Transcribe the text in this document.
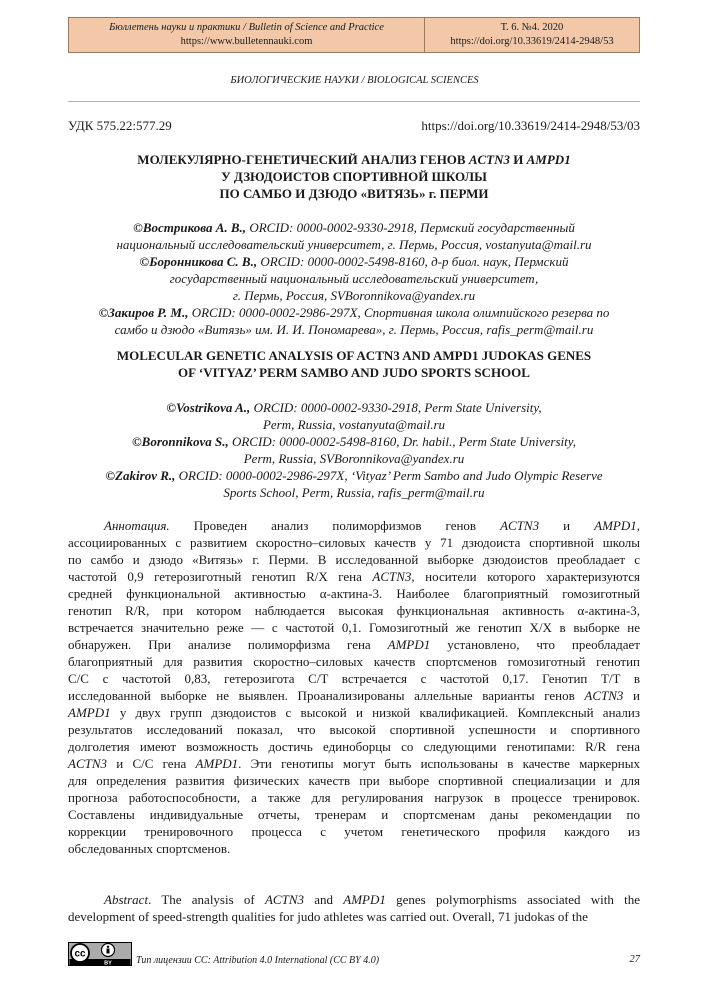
Бюллетень науки и практики / Bulletin of Science and Practice
https://www.bulletennauki.com
Т. 6. №4. 2020
https://doi.org/10.33619/2414-2948/53
БИОЛОГИЧЕСКИЕ НАУКИ / BIOLOGICAL SCIENCES
УДК 575.22:577.29	https://doi.org/10.33619/2414-2948/53/03
МОЛЕКУЛЯРНО-ГЕНЕТИЧЕСКИЙ АНАЛИЗ ГЕНОВ ACTN3 И AMPD1
У ДЗЮДОИСТОВ СПОРТИВНОЙ ШКОЛЫ
ПО САМБО И ДЗЮДО «ВИТЯЗЬ» г. ПЕРМИ
©Вострикова А. В., ORCID: 0000-0002-9330-2918, Пермский государственный
национальный исследовательский университет, г. Пермь, Россия, vostanyuta@mail.ru
©Боронникова С. В., ORCID: 0000-0002-5498-8160, д-р биол. наук, Пермский
государственный национальный исследовательский университет,
г. Пермь, Россия, SVBoronnikova@yandex.ru
©Закиров Р. М., ORCID: 0000-0002-2986-297X, Спортивная школа олимпийского резерва по
самбо и дзюдо «Витязь» им. И. И. Пономарева», г. Пермь, Россия, rafis_perm@mail.ru
MOLECULAR GENETIC ANALYSIS OF ACTN3 AND AMPD1 JUDOKAS GENES
OF ‘VITYAZ’ PERM SAMBO AND JUDO SPORTS SCHOOL
©Vostrikova A., ORCID: 0000-0002-9330-2918, Perm State University,
Perm, Russia, vostanyuta@mail.ru
©Boronnikova S., ORCID: 0000-0002-5498-8160, Dr. habil., Perm State University,
Perm, Russia, SVBoronnikova@yandex.ru
©Zakirov R., ORCID: 0000-0002-2986-297X, ‘Vityaz’ Perm Sambo and Judo Olympic Reserve
Sports School, Perm, Russia, rafis_perm@mail.ru
Аннотация. Проведен анализ полиморфизмов генов ACTN3 и AMPD1,
ассоциированных с развитием скоростно–силовых качеств у 71 дзюдоиста спортивной школы
по самбо и дзюдо «Витязь» г. Перми. В исследованной выборке дзюдоистов преобладает с
частотой 0,9 гетерозиготный генотип R/X гена ACTN3, носители которого характеризуются
средней функциональной активностью α-актина-3. Наиболее благоприятный гомозиготный
генотип R/R, при котором наблюдается высокая функциональная активность α-актина-3,
встречается значительно реже — с частотой 0,1. Гомозиготный же генотип X/X в выборке не
обнаружен. При анализе полиморфизма гена AMPD1 установлено, что преобладает
благоприятный для развития скоростно–силовых качеств спортсменов гомозиготный генотип
C/C с частотой 0,83, гетерозигота C/T встречается с частотой 0,17. Генотип T/T в
исследованной выборке не выявлен. Проанализированы аллельные варианты генов ACTN3 и
AMPD1 у двух групп дзюдоистов с высокой и низкой квалификацией. Комплексный анализ
результатов исследований показал, что высокой спортивной успешности и спортивного
долголетия имеют возможность достичь единоборцы со следующими генотипами: R/R гена
ACTN3 и C/C гена AMPD1. Эти генотипы могут быть использованы в качестве маркерных
для определения развития физических качеств при выборе спортивной специализации и для
прогноза работоспособности, а также для регулирования нагрузок в процессе тренировок.
Составлены индивидуальные отчеты, тренерам и спортсменам даны рекомендации по
коррекции тренировочного процесса с учетом генетического профиля каждого из
обследованных спортсменов.
Abstract. The analysis of ACTN3 and AMPD1 genes polymorphisms associated with the
development of speed-strength qualities for judo athletes was carried out. Overall, 71 judokas of the
cc
BY Тип лицензии CC: Attribution 4.0 International (CC BY 4.0)	27
